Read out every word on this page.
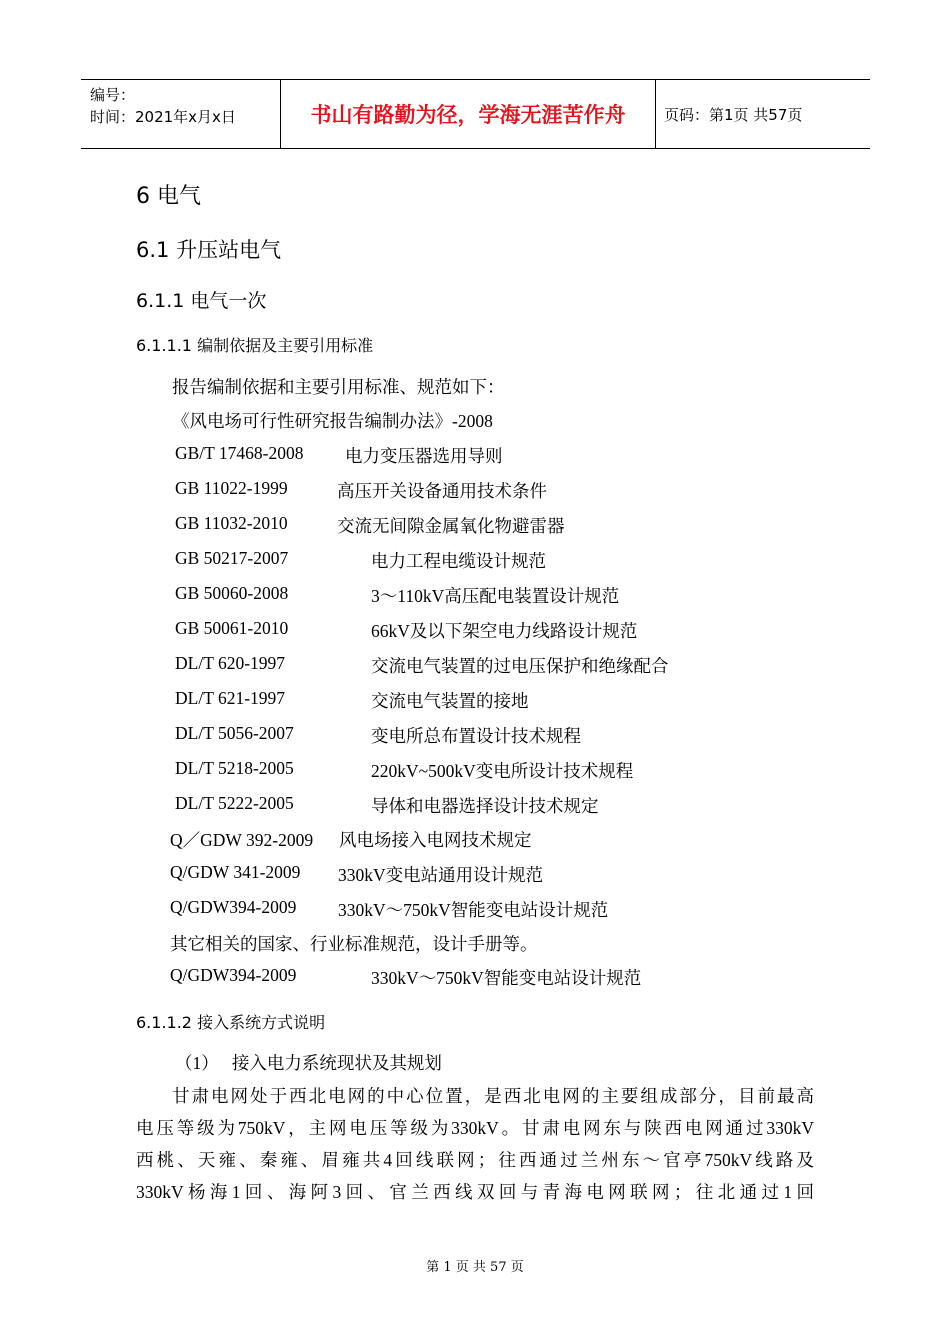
编号：
时间：2021年x月x日	书山有路勤为径，学海无涯苦作舟	页码：第1页 共57页
6 电气
6.1 升压站电气
6.1.1 电气一次
6.1.1.1 编制依据及主要引用标准
报告编制依据和主要引用标准、规范如下：
《风电场可行性研究报告编制办法》-2008
GB/T 17468-2008 电力变压器选用导则
GB 11022-1999	高压开关设备通用技术条件
GB 11032-2010	交流无间隙金属氧化物避雷器
GB 50217-2007	电力工程电缆设计规范
GB 50060-2008	3～110kV高压配电装置设计规范
GB 50061-2010	66kV及以下架空电力线路设计规范
DL/T 620-1997	交流电气装置的过电压保护和绝缘配合
DL/T 621-1997	交流电气装置的接地
DL/T 5056-2007	变电所总布置设计技术规程
DL/T 5218-2005	220kV~500kV变电所设计技术规程
DL/T 5222-2005	导体和电器选择设计技术规定
Q／GDW 392-2009 风电场接入电网技术规定
Q/GDW 341-2009 330kV变电站通用设计规范
Q/GDW394-2009 330kV～750kV智能变电站设计规范
其它相关的国家、行业标准规范，设计手册等。
Q/GDW394-2009	330kV～750kV智能变电站设计规范
6.1.1.2 接入系统方式说明
（1）   接入电力系统现状及其规划
甘肃电网处于西北电网的中心位置，是西北电网的主要组成部分，目前最高
电压等级为750kV，主网电压等级为330kV。甘肃电网东与陕西电网通过330kV
西桃、天雍、秦雍、眉雍共4回线联网；往西通过兰州东～官亭750kV线路及
330kV杨海1回、海阿3回、官兰西线双回与青海电网联网；往北通过1回
第 1 页 共 57 页
